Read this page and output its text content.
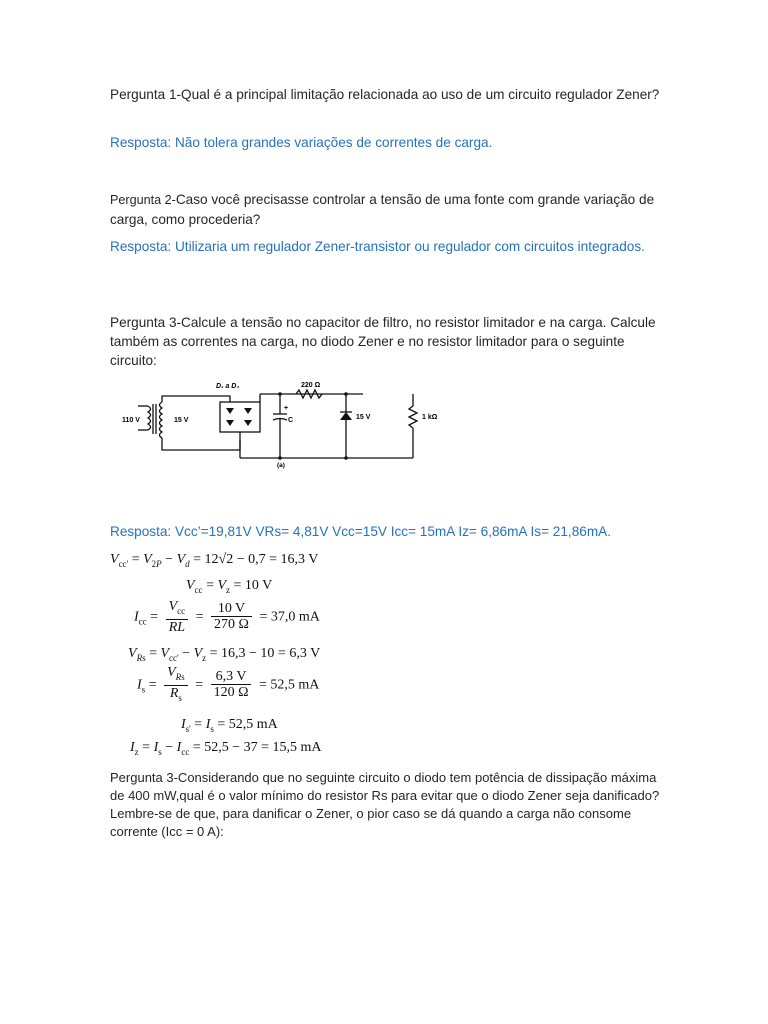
Pergunta 1-Qual é a principal limitação relacionada ao uso de um circuito regulador Zener?

Resposta: Não tolera grandes variações de correntes de carga.

Pergunta 2-Caso você precisasse controlar a tensão de uma fonte com grande variação de carga, como procederia?

Resposta: Utilizaria um regulador Zener-transistor ou regulador com circuitos integrados.

Pergunta 3-Calcule a tensão no capacitor de filtro, no resistor limitador e na carga. Calcule também as correntes na carga, no diodo Zener e no resistor limitador para o seguinte circuito:

110 V	15 V
D₁ a D₄	220 Ω
+
C	15 V	1 kΩ
(a)

Resposta: Vcc’=19,81V VRs= 4,81V Vcc=15V Icc= 15mA Iz= 6,86mA Is= 21,86mA.

$V_{cc'} = V_{2P} - V_d = 12√2 - 0,7 = 16,3$ V
$V_{cc} = V_z = 10$ V
$I_{cc} = \frac{V_{cc}}{RL} = \frac{10 V}{270 \Omega} = 37,0$ mA
$V_{Rs} = V_{cc'} - V_z = 16,3 - 10 = 6,3$ V
$I_s = \frac{V_{Rs}}{R_s} = \frac{6,3 V}{120 \Omega} = 52,5$ mA
$I_{s'} = I_s = 52,5$ mA
$I_z = I_s - I_{cc} = 52,5 - 37 = 15,5$ mA

Pergunta 3-Considerando que no seguinte circuito o diodo tem potência de dissipação máxima de 400 mW,qual é o valor mínimo do resistor Rs para evitar que o diodo Zener seja danificado? Lembre-se de que, para danificar o Zener, o pior caso se dá quando a carga não consome corrente (Icc = 0 A):
